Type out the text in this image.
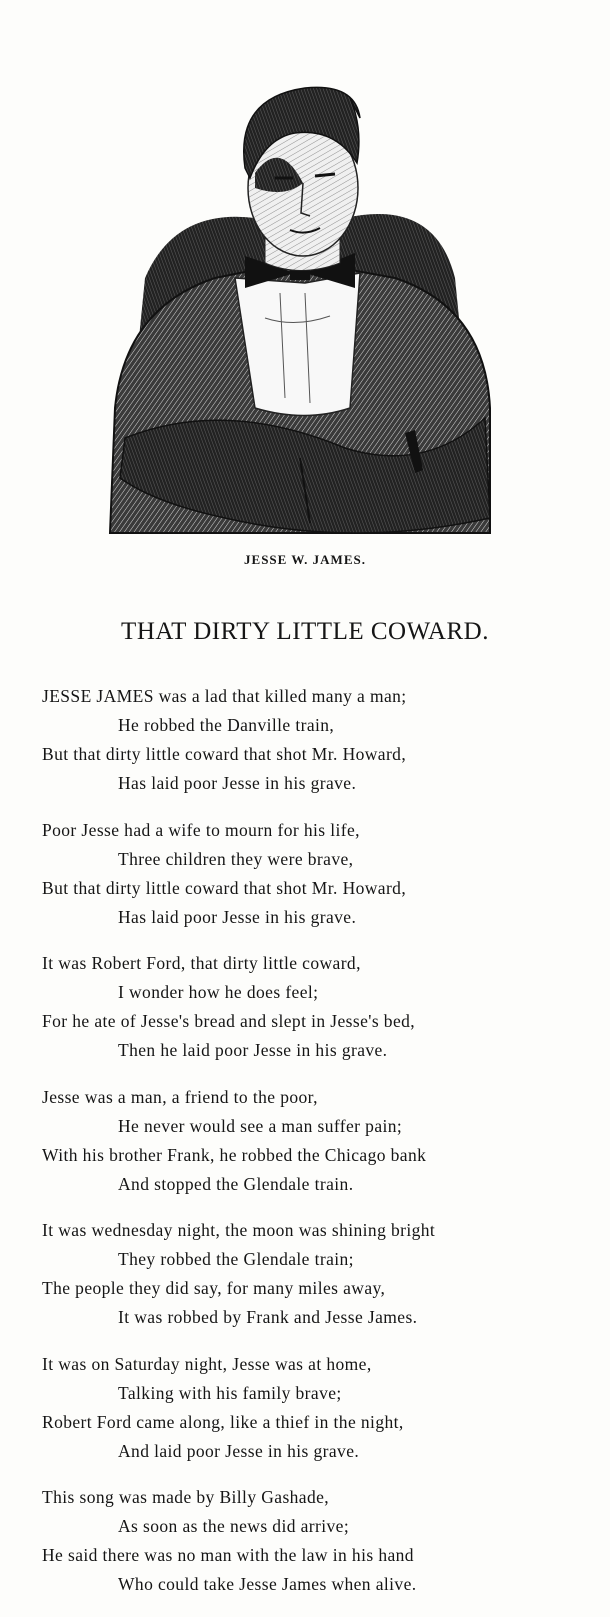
JESSE W. JAMES.
THAT DIRTY LITTLE COWARD.
JESSE JAMES was a lad that killed many a man;
He robbed the Danville train,
But that dirty little coward that shot Mr. Howard,
Has laid poor Jesse in his grave.
Poor Jesse had a wife to mourn for his life,
Three children they were brave,
But that dirty little coward that shot Mr. Howard,
Has laid poor Jesse in his grave.
It was Robert Ford, that dirty little coward,
I wonder how he does feel;
For he ate of Jesse's bread and slept in Jesse's bed,
Then he laid poor Jesse in his grave.
Jesse was a man, a friend to the poor,
He never would see a man suffer pain;
With his brother Frank, he robbed the Chicago bank
And stopped the Glendale train.
It was wednesday night, the moon was shining bright
They robbed the Glendale train;
The people they did say, for many miles away,
It was robbed by Frank and Jesse James.
It was on Saturday night, Jesse was at home,
Talking with his family brave;
Robert Ford came along, like a thief in the night,
And laid poor Jesse in his grave.
This song was made by Billy Gashade,
As soon as the news did arrive;
He said there was no man with the law in his hand
Who could take Jesse James when alive.
